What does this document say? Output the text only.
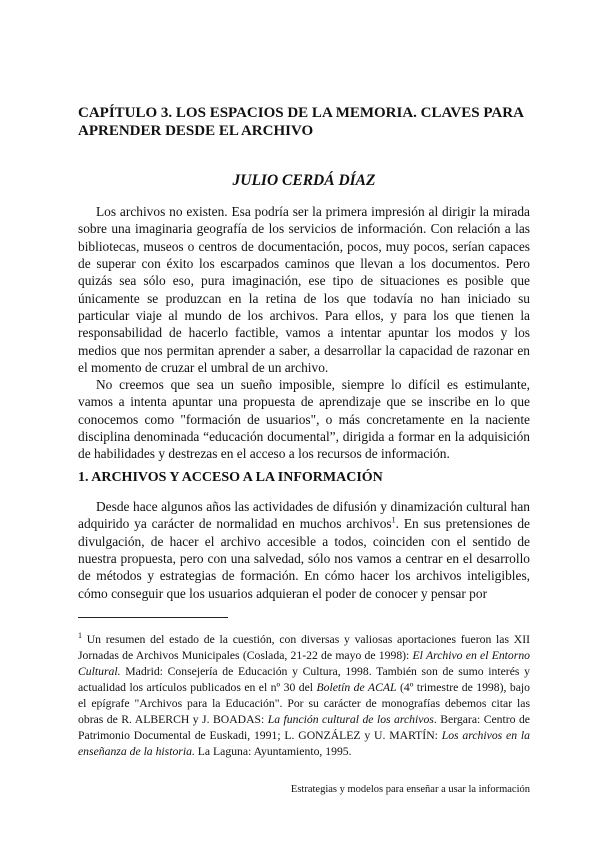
CAPÍTULO 3. LOS ESPACIOS DE LA MEMORIA. CLAVES PARA
APRENDER DESDE EL ARCHIVO
JULIO CERDÁ DÍAZ

Los archivos no existen. Esa podría ser la primera impresión al dirigir la mirada sobre una imaginaria geografía de los servicios de información. Con relación a las bibliotecas, museos o centros de documentación, pocos, muy pocos, serían capaces de superar con éxito los escarpados caminos que llevan a los documentos. Pero quizás sea sólo eso, pura imaginación, ese tipo de situaciones es posible que únicamente se produzcan en la retina de los que todavía no han iniciado su particular viaje al mundo de los archivos. Para ellos, y para los que tienen la responsabilidad de hacerlo factible, vamos a intentar apuntar los modos y los medios que nos permitan aprender a saber, a desarrollar la capacidad de razonar en el momento de cruzar el umbral de un archivo.

No creemos que sea un sueño imposible, siempre lo difícil es estimulante, vamos a intenta apuntar una propuesta de aprendizaje que se inscribe en lo que conocemos como "formación de usuarios", o más concretamente en la naciente disciplina denominada “educación documental”, dirigida a formar en la adquisición de habilidades y destrezas en el acceso a los recursos de información.

1. ARCHIVOS Y ACCESO A LA INFORMACIÓN

Desde hace algunos años las actividades de difusión y dinamización cultural han adquirido ya carácter de normalidad en muchos archivos$^1$. En sus pretensiones de divulgación, de hacer el archivo accesible a todos, coinciden con el sentido de nuestra propuesta, pero con una salvedad, sólo nos vamos a centrar en el desarrollo de métodos y estrategias de formación. En cómo hacer los archivos inteligibles, cómo conseguir que los usuarios adquieran el poder de conocer y pensar por

$^1$ Un resumen del estado de la cuestión, con diversas y valiosas aportaciones fueron las XII Jornadas de Archivos Municipales (Coslada, 21-22 de mayo de 1998): El Archivo en el Entorno Cultural. Madrid: Consejería de Educación y Cultura, 1998. También son de sumo interés y actualidad los artículos publicados en el nº 30 del Boletín de ACAL (4º trimestre de 1998), bajo el epígrafe "Archivos para la Educación". Por su carácter de monografías debemos citar las obras de R. ALBERCH y J. BOADAS: La función cultural de los archivos. Bergara: Centro de Patrimonio Documental de Euskadi, 1991; L. GONZÁLEZ y U. MARTÍN: Los archivos en la enseñanza de la historia. La Laguna: Ayuntamiento, 1995.

Estrategias y modelos para enseñar a usar la información
